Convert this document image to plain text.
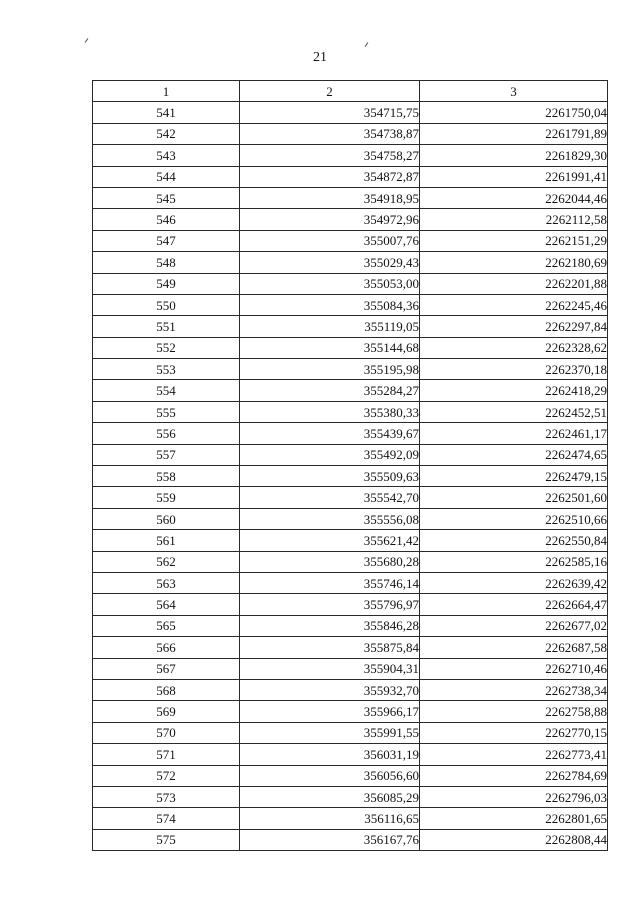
21
1	2	3
541	354715,75	2261750,04
542	354738,87	2261791,89
543	354758,27	2261829,30
544	354872,87	2261991,41
545	354918,95	2262044,46
546	354972,96	2262112,58
547	355007,76	2262151,29
548	355029,43	2262180,69
549	355053,00	2262201,88
550	355084,36	2262245,46
551	355119,05	2262297,84
552	355144,68	2262328,62
553	355195,98	2262370,18
554	355284,27	2262418,29
555	355380,33	2262452,51
556	355439,67	2262461,17
557	355492,09	2262474,65
558	355509,63	2262479,15
559	355542,70	2262501,60
560	355556,08	2262510,66
561	355621,42	2262550,84
562	355680,28	2262585,16
563	355746,14	2262639,42
564	355796,97	2262664,47
565	355846,28	2262677,02
566	355875,84	2262687,58
567	355904,31	2262710,46
568	355932,70	2262738,34
569	355966,17	2262758,88
570	355991,55	2262770,15
571	356031,19	2262773,41
572	356056,60	2262784,69
573	356085,29	2262796,03
574	356116,65	2262801,65
575	356167,76	2262808,44
